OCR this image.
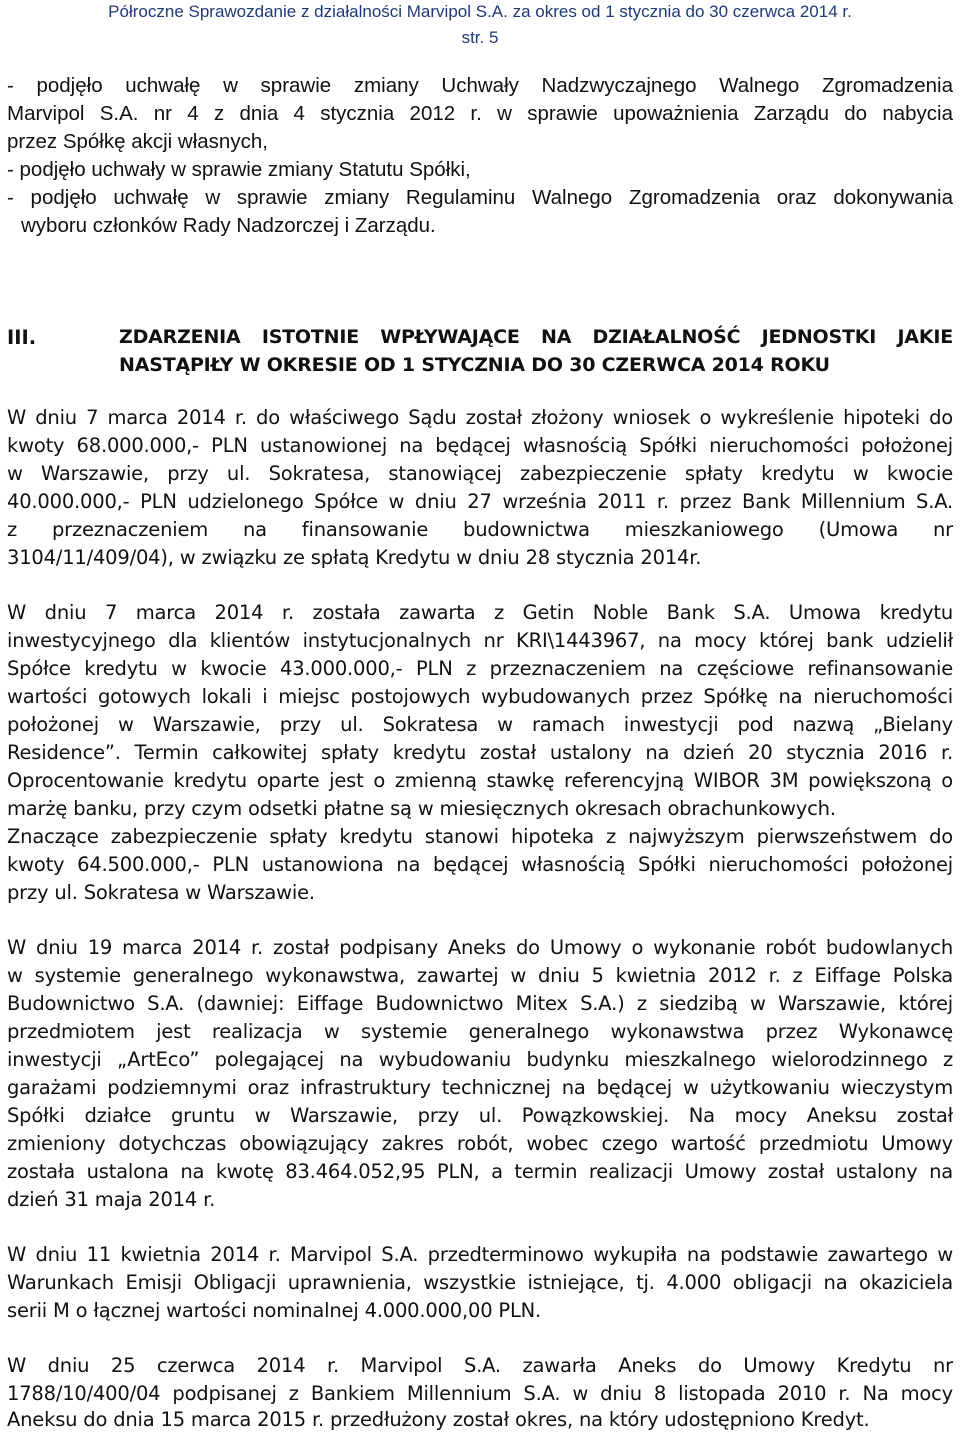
Półroczne Sprawozdanie z działalności Marvipol S.A. za okres od 1 stycznia do 30 czerwca 2014 r.
str. 5
- podjęło uchwałę w sprawie zmiany Uchwały Nadzwyczajnego Walnego Zgromadzenia
Marvipol S.A. nr 4 z dnia 4 stycznia 2012 r. w sprawie upoważnienia Zarządu do nabycia
przez Spółkę akcji własnych,
- podjęło uchwały w sprawie zmiany Statutu Spółki,
- podjęło uchwałę w sprawie zmiany Regulaminu Walnego Zgromadzenia oraz dokonywania
wyboru członków Rady Nadzorczej i Zarządu.
III.	ZDARZENIA ISTOTNIE WPŁYWAJĄCE NA DZIAŁALNOŚĆ JEDNOSTKI JAKIE
NASTĄPIŁY W OKRESIE OD 1 STYCZNIA DO 30 CZERWCA 2014 ROKU
W dniu 7 marca 2014 r. do właściwego Sądu został złożony wniosek o wykreślenie hipoteki do
kwoty 68.000.000,- PLN ustanowionej na będącej własnością Spółki nieruchomości położonej
w Warszawie, przy ul. Sokratesa, stanowiącej zabezpieczenie spłaty kredytu w kwocie
40.000.000,- PLN udzielonego Spółce w dniu 27 września 2011 r. przez Bank Millennium S.A.
z przeznaczeniem na finansowanie budownictwa mieszkaniowego (Umowa nr
3104/11/409/04), w związku ze spłatą Kredytu w dniu 28 stycznia 2014r.
W dniu 7 marca 2014 r. została zawarta z Getin Noble Bank S.A. Umowa kredytu
inwestycyjnego dla klientów instytucjonalnych nr KRI\1443967, na mocy której bank udzielił
Spółce kredytu w kwocie 43.000.000,- PLN z przeznaczeniem na częściowe refinansowanie
wartości gotowych lokali i miejsc postojowych wybudowanych przez Spółkę na nieruchomości
położonej w Warszawie, przy ul. Sokratesa w ramach inwestycji pod nazwą „Bielany
Residence”. Termin całkowitej spłaty kredytu został ustalony na dzień 20 stycznia 2016 r.
Oprocentowanie kredytu oparte jest o zmienną stawkę referencyjną WIBOR 3M powiększoną o
marżę banku, przy czym odsetki płatne są w miesięcznych okresach obrachunkowych.
Znaczące zabezpieczenie spłaty kredytu stanowi hipoteka z najwyższym pierwszeństwem do
kwoty 64.500.000,- PLN ustanowiona na będącej własnością Spółki nieruchomości położonej
przy ul. Sokratesa w Warszawie.
W dniu 19 marca 2014 r. został podpisany Aneks do Umowy o wykonanie robót budowlanych
w systemie generalnego wykonawstwa, zawartej w dniu 5 kwietnia 2012 r. z Eiffage Polska
Budownictwo S.A. (dawniej: Eiffage Budownictwo Mitex S.A.) z siedzibą w Warszawie, której
przedmiotem jest realizacja w systemie generalnego wykonawstwa przez Wykonawcę
inwestycji „ArtEco” polegającej na wybudowaniu budynku mieszkalnego wielorodzinnego z
garażami podziemnymi oraz infrastruktury technicznej na będącej w użytkowaniu wieczystym
Spółki działce gruntu w Warszawie, przy ul. Powązkowskiej. Na mocy Aneksu został
zmieniony dotychczas obowiązujący zakres robót, wobec czego wartość przedmiotu Umowy
została ustalona na kwotę 83.464.052,95 PLN, a termin realizacji Umowy został ustalony na
dzień 31 maja 2014 r.
W dniu 11 kwietnia 2014 r. Marvipol S.A. przedterminowo wykupiła na podstawie zawartego w
Warunkach Emisji Obligacji uprawnienia, wszystkie istniejące, tj. 4.000 obligacji na okaziciela
serii M o łącznej wartości nominalnej 4.000.000,00 PLN.
W dniu 25 czerwca 2014 r. Marvipol S.A. zawarła Aneks do Umowy Kredytu nr
1788/10/400/04 podpisanej z Bankiem Millennium S.A. w dniu 8 listopada 2010 r. Na mocy
Aneksu do dnia 15 marca 2015 r. przedłużony został okres, na który udostępniono Kredyt.
